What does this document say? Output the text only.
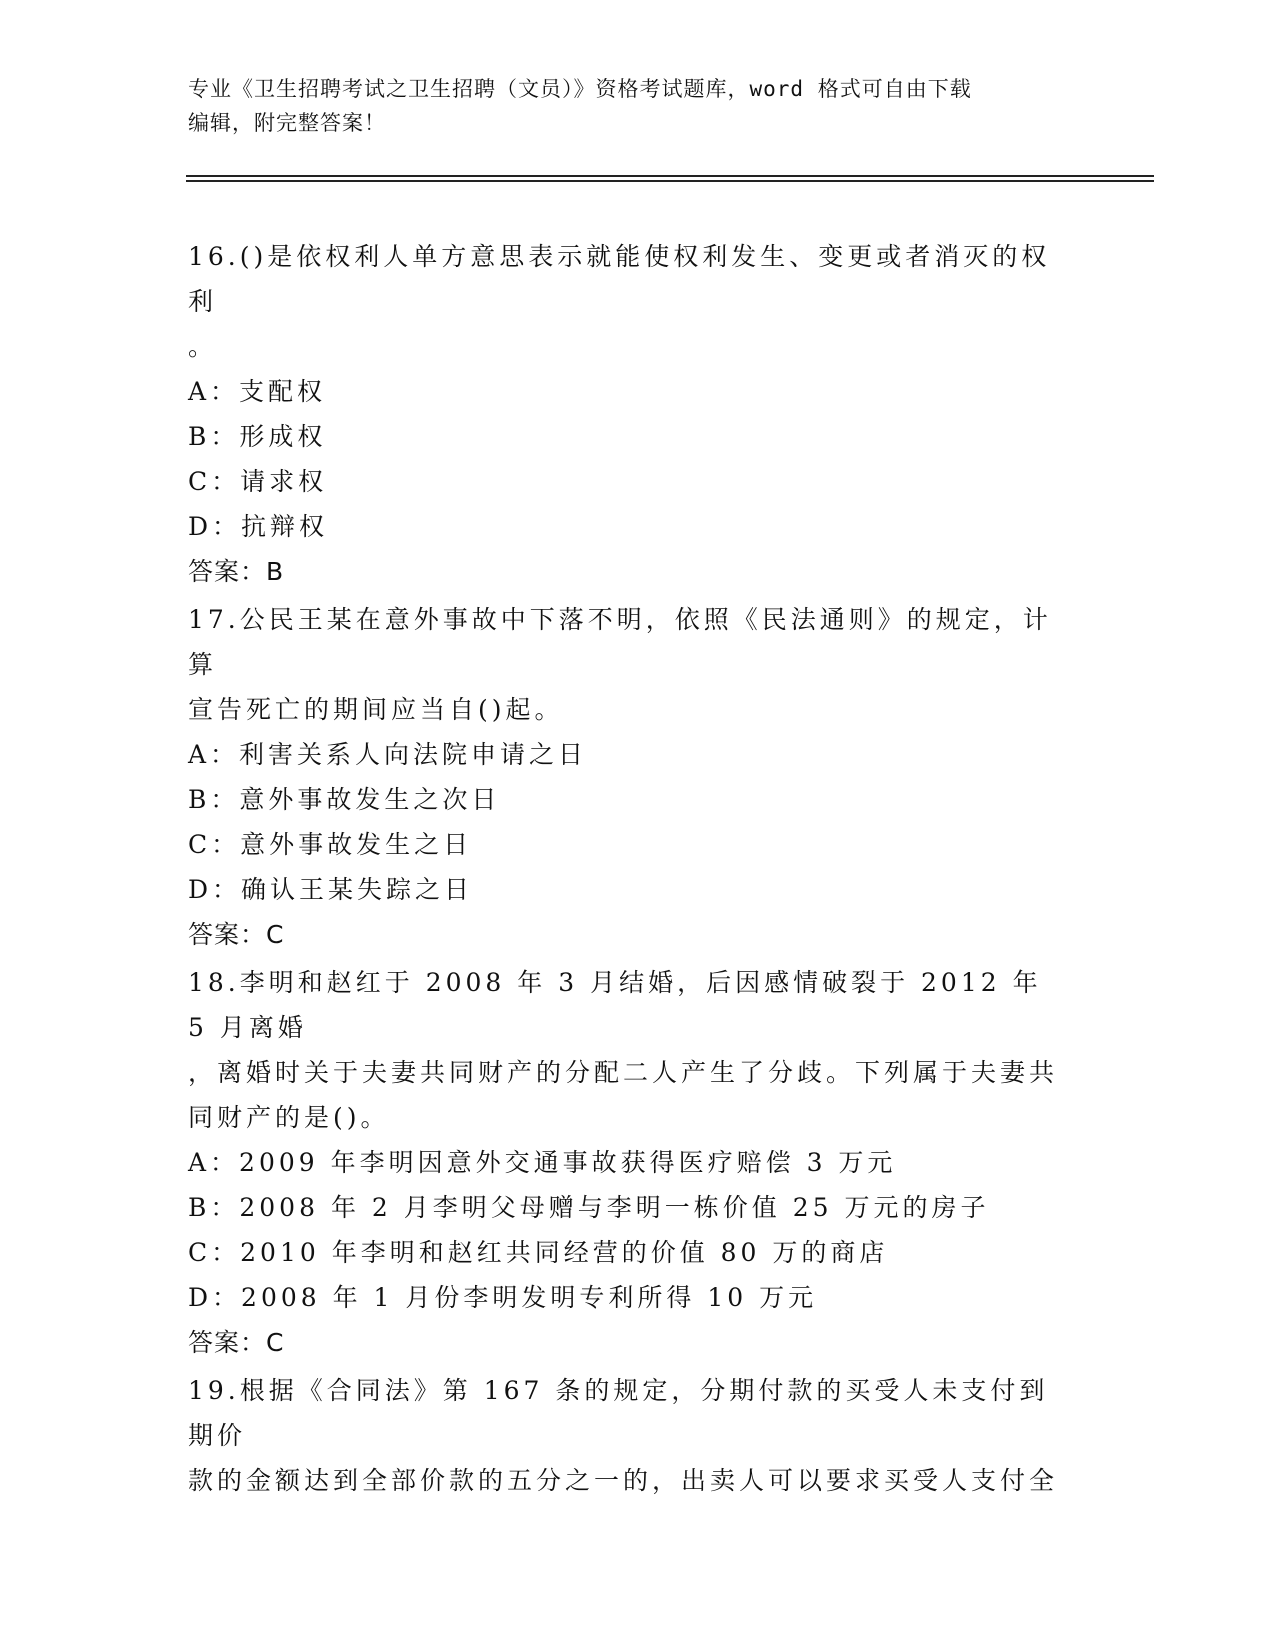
专业《卫生招聘考试之卫生招聘（文员）》资格考试题库，word 格式可自由下载
编辑，附完整答案！
16.()是依权利人单方意思表示就能使权利发生、变更或者消灭的权利
。
A：支配权
B：形成权
C：请求权
D：抗辩权
答案：B
17.公民王某在意外事故中下落不明，依照《民法通则》的规定，计算
宣告死亡的期间应当自()起。
A：利害关系人向法院申请之日
B：意外事故发生之次日
C：意外事故发生之日
D：确认王某失踪之日
答案：C
18.李明和赵红于 2008 年 3 月结婚，后因感情破裂于 2012 年 5 月离婚
，离婚时关于夫妻共同财产的分配二人产生了分歧。下列属于夫妻共
同财产的是()。
A：2009 年李明因意外交通事故获得医疗赔偿 3 万元
B：2008 年 2 月李明父母赠与李明一栋价值 25 万元的房子
C：2010 年李明和赵红共同经营的价值 80 万的商店
D：2008 年 1 月份李明发明专利所得 10 万元
答案：C
19.根据《合同法》第 167 条的规定，分期付款的买受人未支付到期价
款的金额达到全部价款的五分之一的，出卖人可以要求买受人支付全
